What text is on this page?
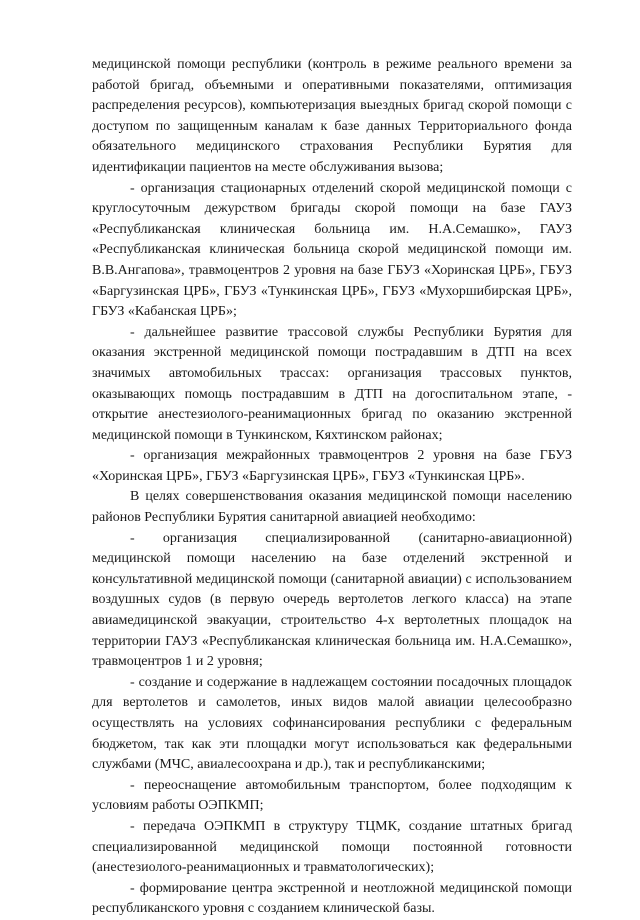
медицинской помощи республики (контроль в режиме реального времени за работой бригад, объемными и оперативными показателями, оптимизация распределения ресурсов), компьютеризация выездных бригад скорой помощи с доступом по защищенным каналам к базе данных Территориального фонда обязательного медицинского страхования Республики Бурятия для идентификации пациентов на месте обслуживания вызова;

- организация стационарных отделений скорой медицинской помощи с круглосуточным дежурством бригады скорой помощи на базе ГАУЗ «Республиканская клиническая больница им. Н.А.Семашко», ГАУЗ «Республиканская клиническая больница скорой медицинской помощи им. В.В.Ангапова», травмоцентров 2 уровня на базе ГБУЗ «Хоринская ЦРБ», ГБУЗ «Баргузинская ЦРБ», ГБУЗ «Тункинская ЦРБ», ГБУЗ «Мухоршибирская ЦРБ», ГБУЗ «Кабанская ЦРБ»;

- дальнейшее развитие трассовой службы Республики Бурятия для оказания экстренной медицинской помощи пострадавшим в ДТП на всех значимых автомобильных трассах: организация трассовых пунктов, оказывающих помощь пострадавшим в ДТП на догоспитальном этапе, - открытие анестезиолого-реанимационных бригад по оказанию экстренной медицинской помощи в Тункинском, Кяхтинском районах;

- организация межрайонных травмоцентров 2 уровня на базе ГБУЗ «Хоринская ЦРБ», ГБУЗ «Баргузинская ЦРБ», ГБУЗ «Тункинская ЦРБ».

В целях совершенствования оказания медицинской помощи населению районов Республики Бурятия санитарной авиацией необходимо:

- организация специализированной (санитарно-авиационной) медицинской помощи населению на базе отделений экстренной и консультативной медицинской помощи (санитарной авиации) с использованием воздушных судов (в первую очередь вертолетов легкого класса) на этапе авиамедицинской эвакуации, строительство 4-х вертолетных площадок на территории ГАУЗ «Республиканская клиническая больница им. Н.А.Семашко», травмоцентров 1 и 2 уровня;

- создание и содержание в надлежащем состоянии посадочных площадок для вертолетов и самолетов, иных видов малой авиации целесообразно осуществлять на условиях софинансирования республики с федеральным бюджетом, так как эти площадки могут использоваться как федеральными службами (МЧС, авиалесоохрана и др.), так и республиканскими;

- переоснащение автомобильным транспортом, более подходящим к условиям работы ОЭПКМП;

- передача ОЭПКМП в структуру ТЦМК, создание штатных бригад специализированной медицинской помощи постоянной готовности (анестезиолого-реанимационных и травматологических);

- формирование центра экстренной и неотложной медицинской помощи республиканского уровня с созданием клинической базы.
